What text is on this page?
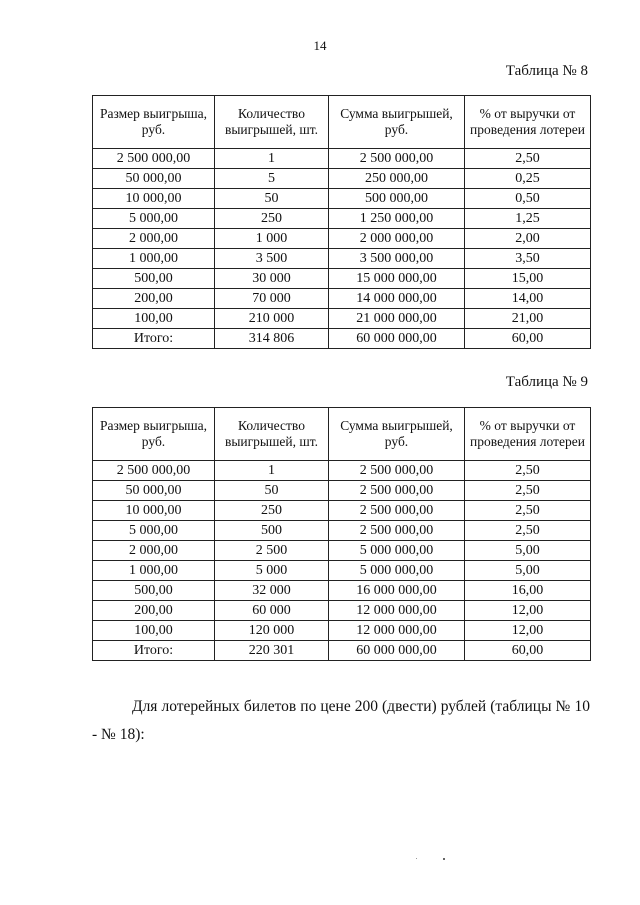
14
Таблица № 8
Размер выигрыша, руб.	Количество выигрышей, шт.	Сумма выигрышей, руб.	% от выручки от проведения лотереи
2 500 000,00	1	2 500 000,00	2,50
50 000,00	5	250 000,00	0,25
10 000,00	50	500 000,00	0,50
5 000,00	250	1 250 000,00	1,25
2 000,00	1 000	2 000 000,00	2,00
1 000,00	3 500	3 500 000,00	3,50
500,00	30 000	15 000 000,00	15,00
200,00	70 000	14 000 000,00	14,00
100,00	210 000	21 000 000,00	21,00
Итого:	314 806	60 000 000,00	60,00
Таблица № 9
Размер выигрыша, руб.	Количество выигрышей, шт.	Сумма выигрышей, руб.	% от выручки от проведения лотереи
2 500 000,00	1	2 500 000,00	2,50
50 000,00	50	2 500 000,00	2,50
10 000,00	250	2 500 000,00	2,50
5 000,00	500	2 500 000,00	2,50
2 000,00	2 500	5 000 000,00	5,00
1 000,00	5 000	5 000 000,00	5,00
500,00	32 000	16 000 000,00	16,00
200,00	60 000	12 000 000,00	12,00
100,00	120 000	12 000 000,00	12,00
Итого:	220 301	60 000 000,00	60,00

Для лотерейных билетов по цене 200 (двести) рублей (таблицы № 10 - № 18):
